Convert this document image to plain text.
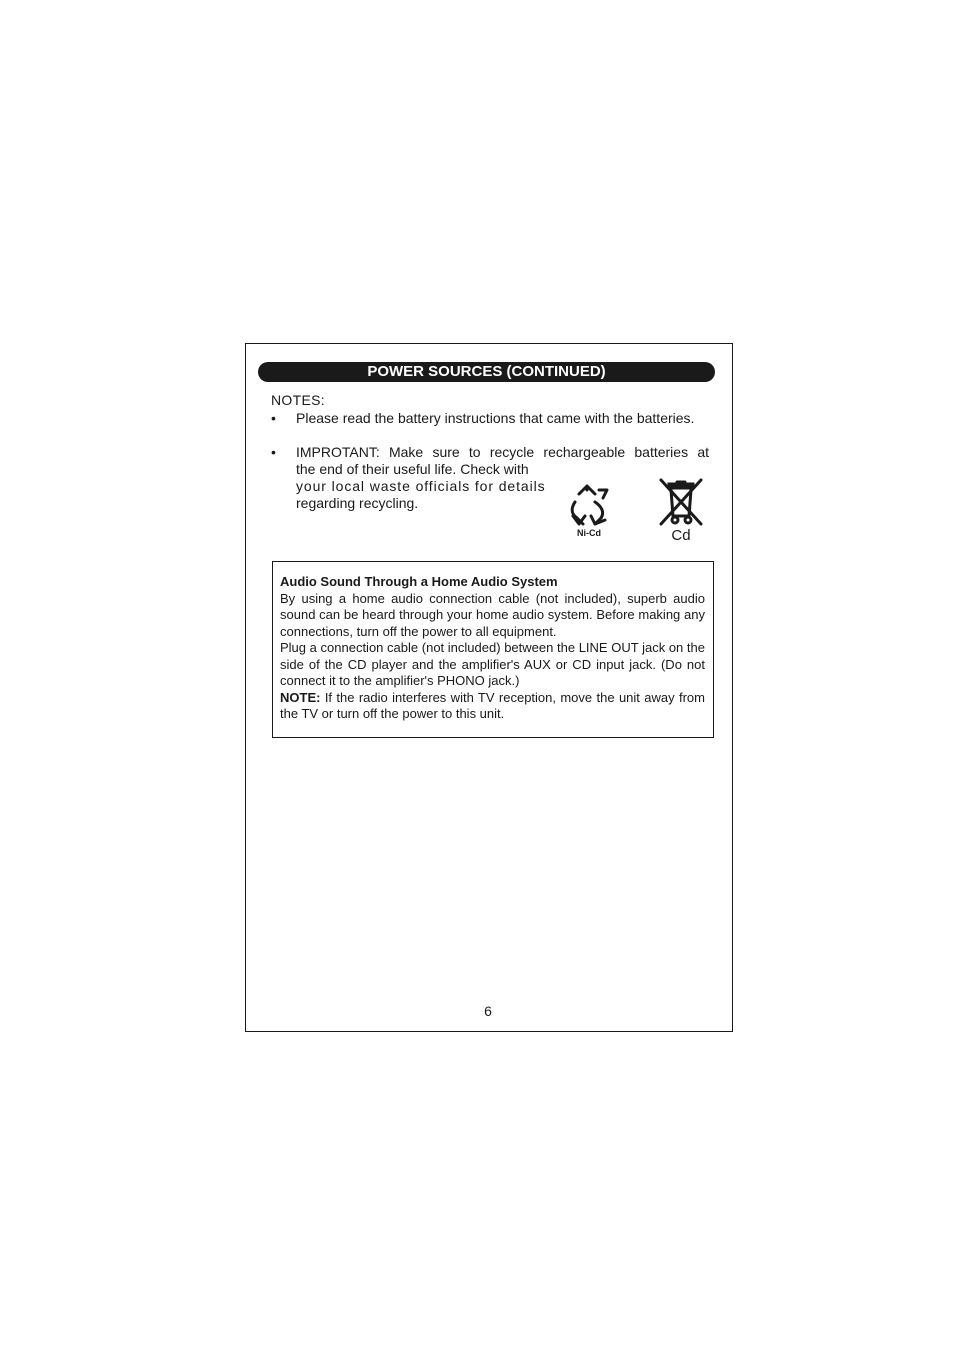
POWER SOURCES (CONTINUED)
NOTES:
•	Please read the battery instructions that came with the batteries.
•	IMPROTANT: Make sure to recycle rechargeable batteries at
the end of their useful life. Check with
your local waste officials for details
regarding recycling.
Ni-Cd	Cd
Audio Sound Through a Home Audio System

By using a home audio connection cable (not included), superb audio sound can be heard through your home audio system. Before making any connections, turn off the power to all equipment.

Plug a connection cable (not included) between the LINE OUT jack on the side of the CD player and the amplifier's AUX or CD input jack. (Do not connect it to the amplifier's PHONO jack.)

NOTE: If the radio interferes with TV reception, move the unit away from the TV or turn off the power to this unit.

6
